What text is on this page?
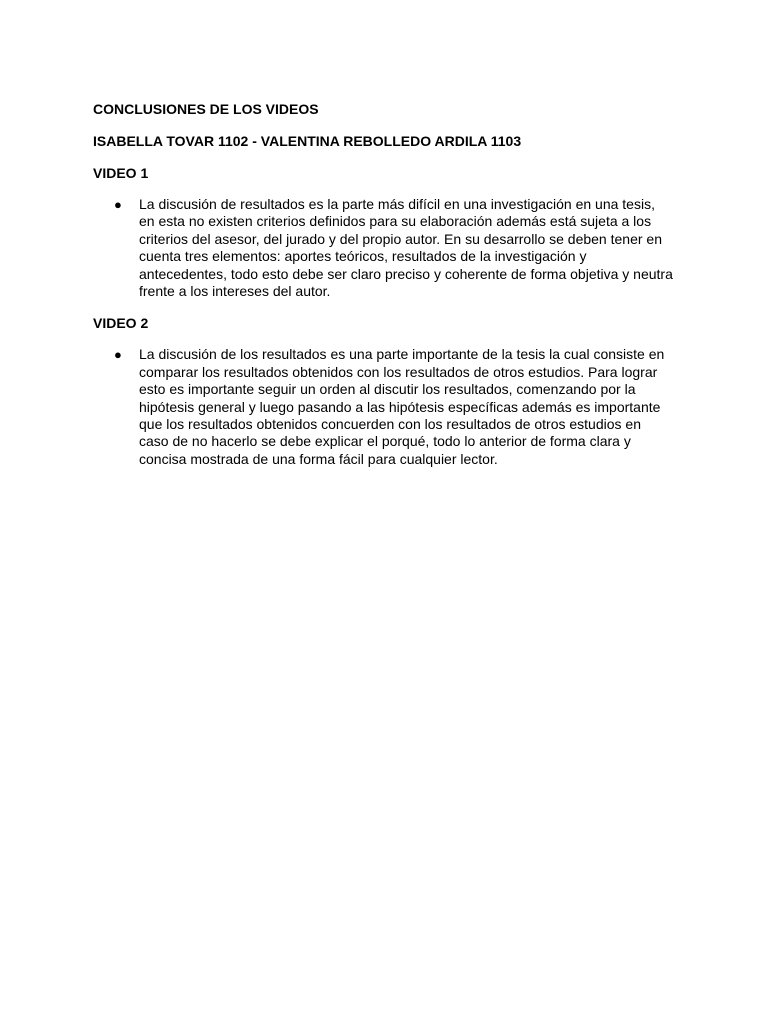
CONCLUSIONES DE LOS VIDEOS

ISABELLA TOVAR 1102 - VALENTINA REBOLLEDO ARDILA 1103

VIDEO 1

● La discusión de resultados es la parte más difícil en una investigación en una tesis, en esta no existen criterios definidos para su elaboración además está sujeta a los criterios del asesor, del jurado y del propio autor. En su desarrollo se deben tener en cuenta tres elementos: aportes teóricos, resultados de la investigación y antecedentes, todo esto debe ser claro preciso y coherente de forma objetiva y neutra frente a los intereses del autor.

VIDEO 2

● La discusión de los resultados es una parte importante de la tesis la cual consiste en comparar los resultados obtenidos con los resultados de otros estudios. Para lograr esto es importante seguir un orden al discutir los resultados, comenzando por la hipótesis general y luego pasando a las hipótesis específicas además es importante que los resultados obtenidos concuerden con los resultados de otros estudios en caso de no hacerlo se debe explicar el porqué, todo lo anterior de forma clara y concisa mostrada de una forma fácil para cualquier lector.
